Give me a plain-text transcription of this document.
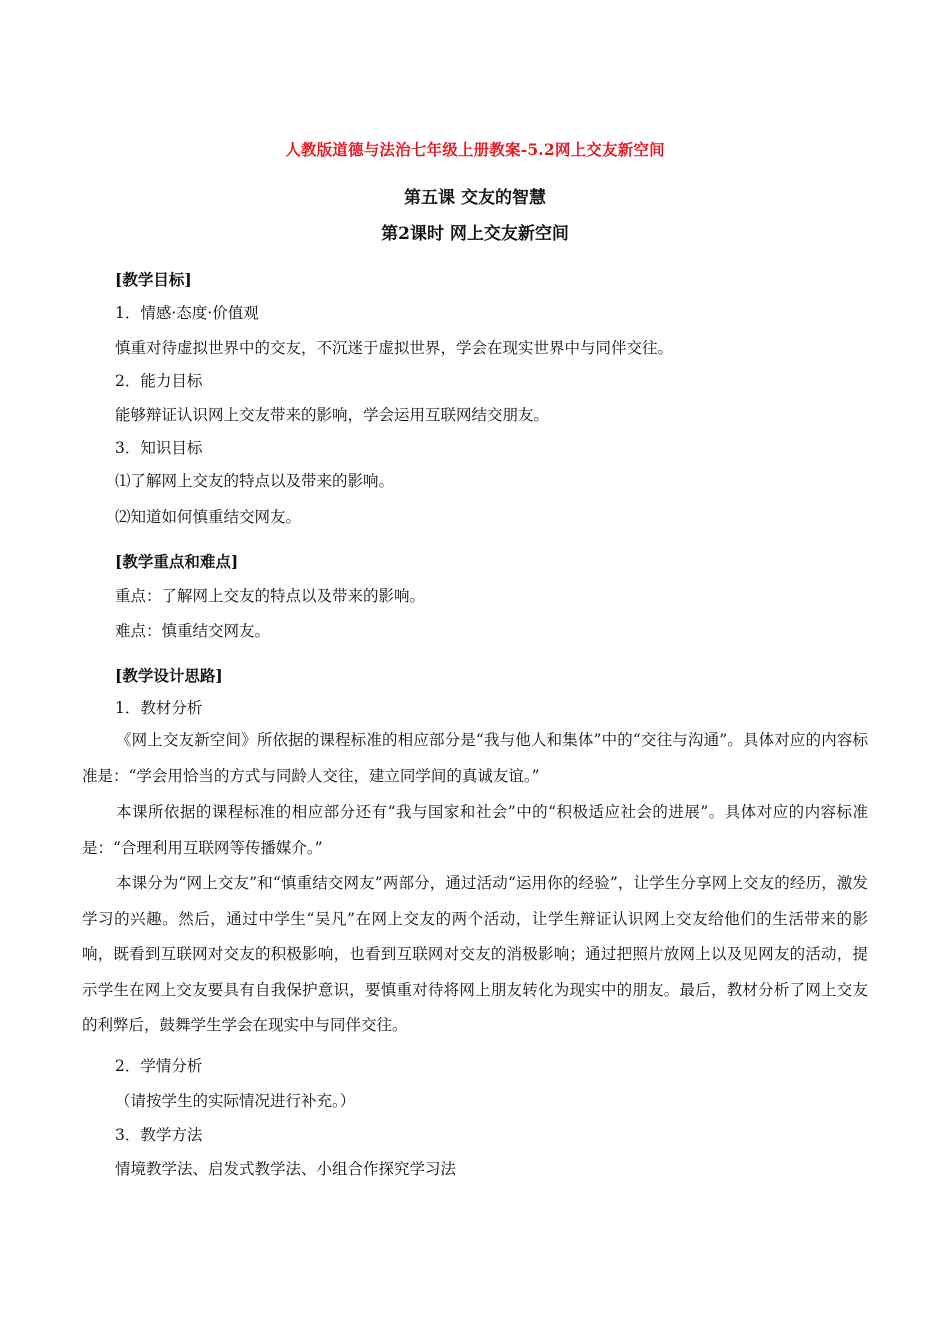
人教版道德与法治七年级上册教案-5.2网上交友新空间
第五课 交友的智慧
第2课时 网上交友新空间
[教学目标]
1．情感·态度·价值观
慎重对待虚拟世界中的交友，不沉迷于虚拟世界，学会在现实世界中与同伴交往。
2．能力目标
能够辩证认识网上交友带来的影响，学会运用互联网结交朋友。
3．知识目标
⑴了解网上交友的特点以及带来的影响。
⑵知道如何慎重结交网友。
[教学重点和难点]
重点：了解网上交友的特点以及带来的影响。
难点：慎重结交网友。
[教学设计思路]
1．教材分析

《网上交友新空间》所依据的课程标准的相应部分是“我与他人和集体”中的“交往与沟通”。具体对应的内容标准是：“学会用恰当的方式与同龄人交往，建立同学间的真诚友谊。”

本课所依据的课程标准的相应部分还有“我与国家和社会”中的“积极适应社会的进展”。具体对应的内容标准是：“合理利用互联网等传播媒介。”

本课分为“网上交友”和“慎重结交网友”两部分，通过活动“运用你的经验”，让学生分享网上交友的经历，激发学习的兴趣。然后，通过中学生“吴凡”在网上交友的两个活动，让学生辩证认识网上交友给他们的生活带来的影响，既看到互联网对交友的积极影响，也看到互联网对交友的消极影响；通过把照片放网上以及见网友的活动，提示学生在网上交友要具有自我保护意识，要慎重对待将网上朋友转化为现实中的朋友。最后，教材分析了网上交友的利弊后，鼓舞学生学会在现实中与同伴交往。

2．学情分析
（请按学生的实际情况进行补充。）
3．教学方法
情境教学法、启发式教学法、小组合作探究学习法
